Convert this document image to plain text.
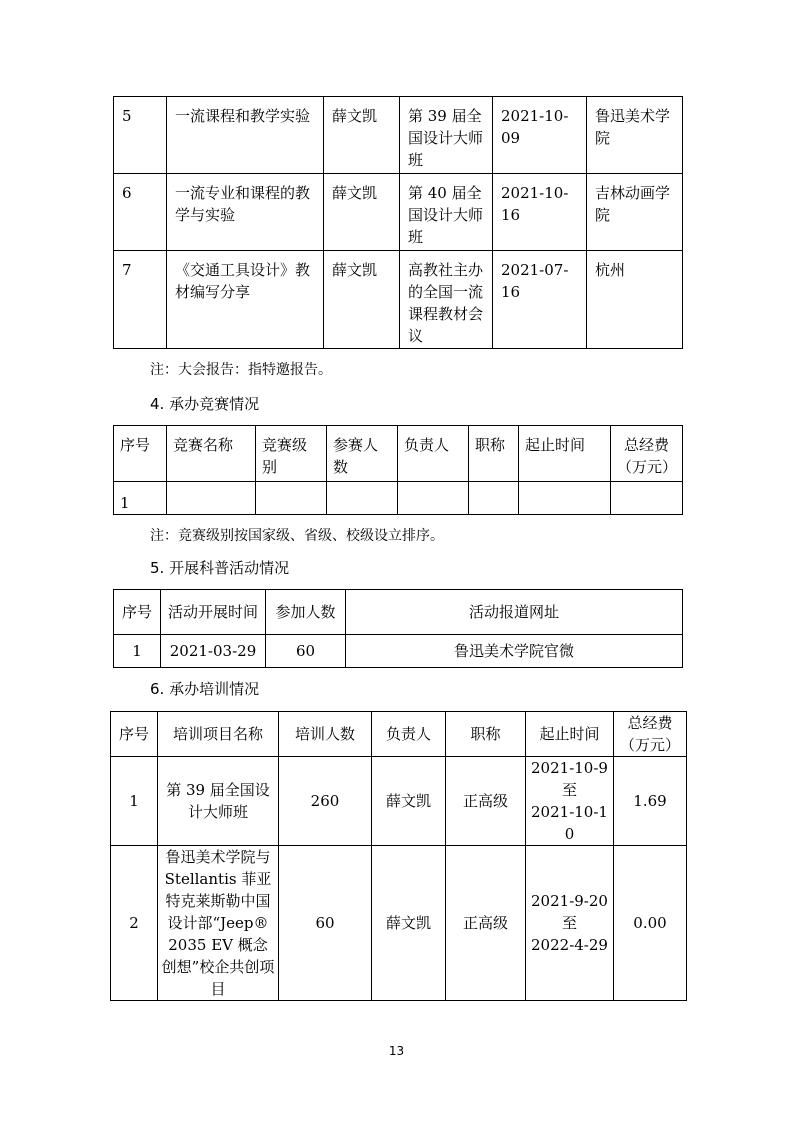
5	一流课程和教学实验	薛文凯	第 39 届全国设计大师班	2021-10-09	鲁迅美术学院
6	一流专业和课程的教学与实验	薛文凯	第 40 届全国设计大师班	2021-10-16	吉林动画学院
7	《交通工具设计》教材编写分享	薛文凯	高教社主办的全国一流课程教材会议	2021-07-16	杭州
注：大会报告：指特邀报告。
4. 承办竞赛情况
序号	竞赛名称	竞赛级别	参赛人数	负责人	职称	起止时间	总经费（万元）
1							
注：竞赛级别按国家级、省级、校级设立排序。
5. 开展科普活动情况
序号	活动开展时间	参加人数	活动报道网址
1	2021-03-29	60	鲁迅美术学院官微
6. 承办培训情况
序号	培训项目名称	培训人数	负责人	职称	起止时间	总经费（万元）
1	第 39 届全国设计大师班	260	薛文凯	正高级	2021-10-9
至
2021-10-10	1.69
2	鲁迅美术学院与 Stellantis 菲亚特克莱斯勒中国设计部“Jeep® 2035 EV 概念创想”校企共创项目	60	薛文凯	正高级	2021-9-20
至
2022-4-29	0.00
13
